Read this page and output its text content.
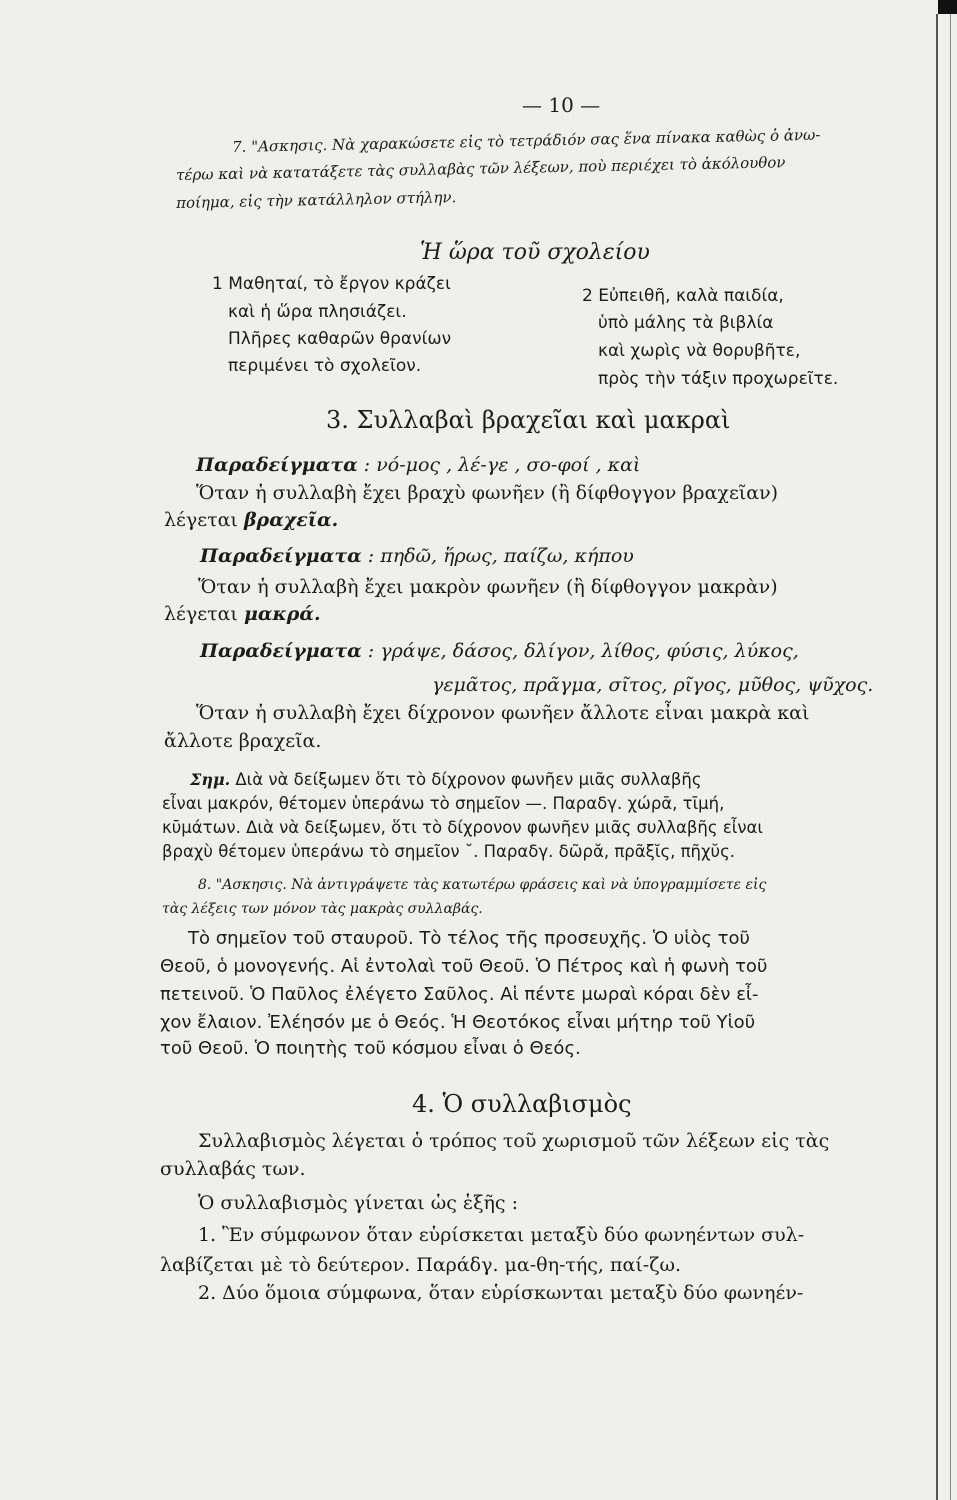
— 10 —
7. "Ασκησις. Νὰ χαρακώσετε εἰς τὸ τετράδιόν σας ἕνα πίνακα καθὼς ὁ ἀνω-
τέρω καὶ νὰ κατατάξετε τὰς συλλαβὰς τῶν λέξεων, ποὺ περιέχει τὸ ἀκόλουθον
ποίημα, εἰς τὴν κατάλληλον στήλην.
Ἡ ὥρα τοῦ σχολείου
1 Μαθηταί, τὸ ἔργον κράζει
καὶ ἡ ὥρα πλησιάζει.
Πλῆρες καθαρῶν θρανίων
περιμένει τὸ σχολεῖον.
2 Εὐπειθῆ, καλὰ παιδία,
ὑπὸ μάλης τὰ βιβλία
καὶ χωρὶς νὰ θορυβῆτε,
πρὸς τὴν τάξιν προχωρεῖτε.
3. Συλλαβαὶ βραχεῖαι καὶ μακραὶ
Παραδείγματα : νό-μος , λέ-γε , σο-φοί , καὶ
Ὅταν ἡ συλλαβὴ ἔχει βραχὺ φωνῆεν (ἢ δίφθογγον βραχεῖαν)
λέγεται βραχεῖα.
Παραδείγματα : πηδῶ, ἥρως, παίζω, κήπου
Ὅταν ἡ συλλαβὴ ἔχει μακρὸν φωνῆεν (ἢ δίφθογγον μακρὰν)
λέγεται μακρά.
Παραδείγματα : γράψε, δάσος, δλίγον, λίθος, φύσις, λύκος,
γεμᾶτος, πρᾶγμα, σῖτος, ρῖγος, μῦθος, ψῦχος.
Ὅταν ἡ συλλαβὴ ἔχει δίχρονον φωνῆεν ἄλλοτε εἶναι μακρὰ καὶ
ἄλλοτε βραχεῖα.
Σημ. Διὰ νὰ δείξωμεν ὅτι τὸ δίχρονον φωνῆεν μιᾶς συλλαβῆς
εἶναι μακρόν, θέτομεν ὑπεράνω τὸ σημεῖον —. Παραδγ. χώρᾱ, τῑμή,
κῡμάτων. Διὰ νὰ δείξωμεν, ὅτι τὸ δίχρονον φωνῆεν μιᾶς συλλαβῆς εἶναι
βραχὺ θέτομεν ὑπεράνω τὸ σημεῖον ˘. Παραδγ. δῶρᾰ, πρᾶξῐς, πῆχῠς.
8. "Ασκησις. Νὰ ἀντιγράψετε τὰς κατωτέρω φράσεις καὶ νὰ ὑπογραμμίσετε εἰς
τὰς λέξεις των μόνον τὰς μακρὰς συλλαβάς.
Τὸ σημεῖον τοῦ σταυροῦ. Τὸ τέλος τῆς προσευχῆς. Ὁ υἱὸς τοῦ
Θεοῦ, ὁ μονογενής. Αἱ ἐντολαὶ τοῦ Θεοῦ. Ὁ Πέτρος καὶ ἡ φωνὴ τοῦ
πετεινοῦ. Ὁ Παῦλος ἐλέγετο Σαῦλος. Αἱ πέντε μωραὶ κόραι δὲν εἶ-
χον ἔλαιον. Ἐλέησόν με ὁ Θεός. Ἡ Θεοτόκος εἶναι μήτηρ τοῦ Υἱοῦ
τοῦ Θεοῦ. Ὁ ποιητὴς τοῦ κόσμου εἶναι ὁ Θεός.
4. Ὁ συλλαβισμὸς
Συλλαβισμὸς λέγεται ὁ τρόπος τοῦ χωρισμοῦ τῶν λέξεων εἰς τὰς
συλλαβάς των.
Ὁ συλλαβισμὸς γίνεται ὡς ἑξῆς :
1. Ἓν σύμφωνον ὅταν εὑρίσκεται μεταξὺ δύο φωνηέντων συλ-
λαβίζεται μὲ τὸ δεύτερον. Παράδγ. μα-θη-τής, παί-ζω.
2. Δύο ὅμοια σύμφωνα, ὅταν εὑρίσκωνται μεταξὺ δύο φωνηέν-
